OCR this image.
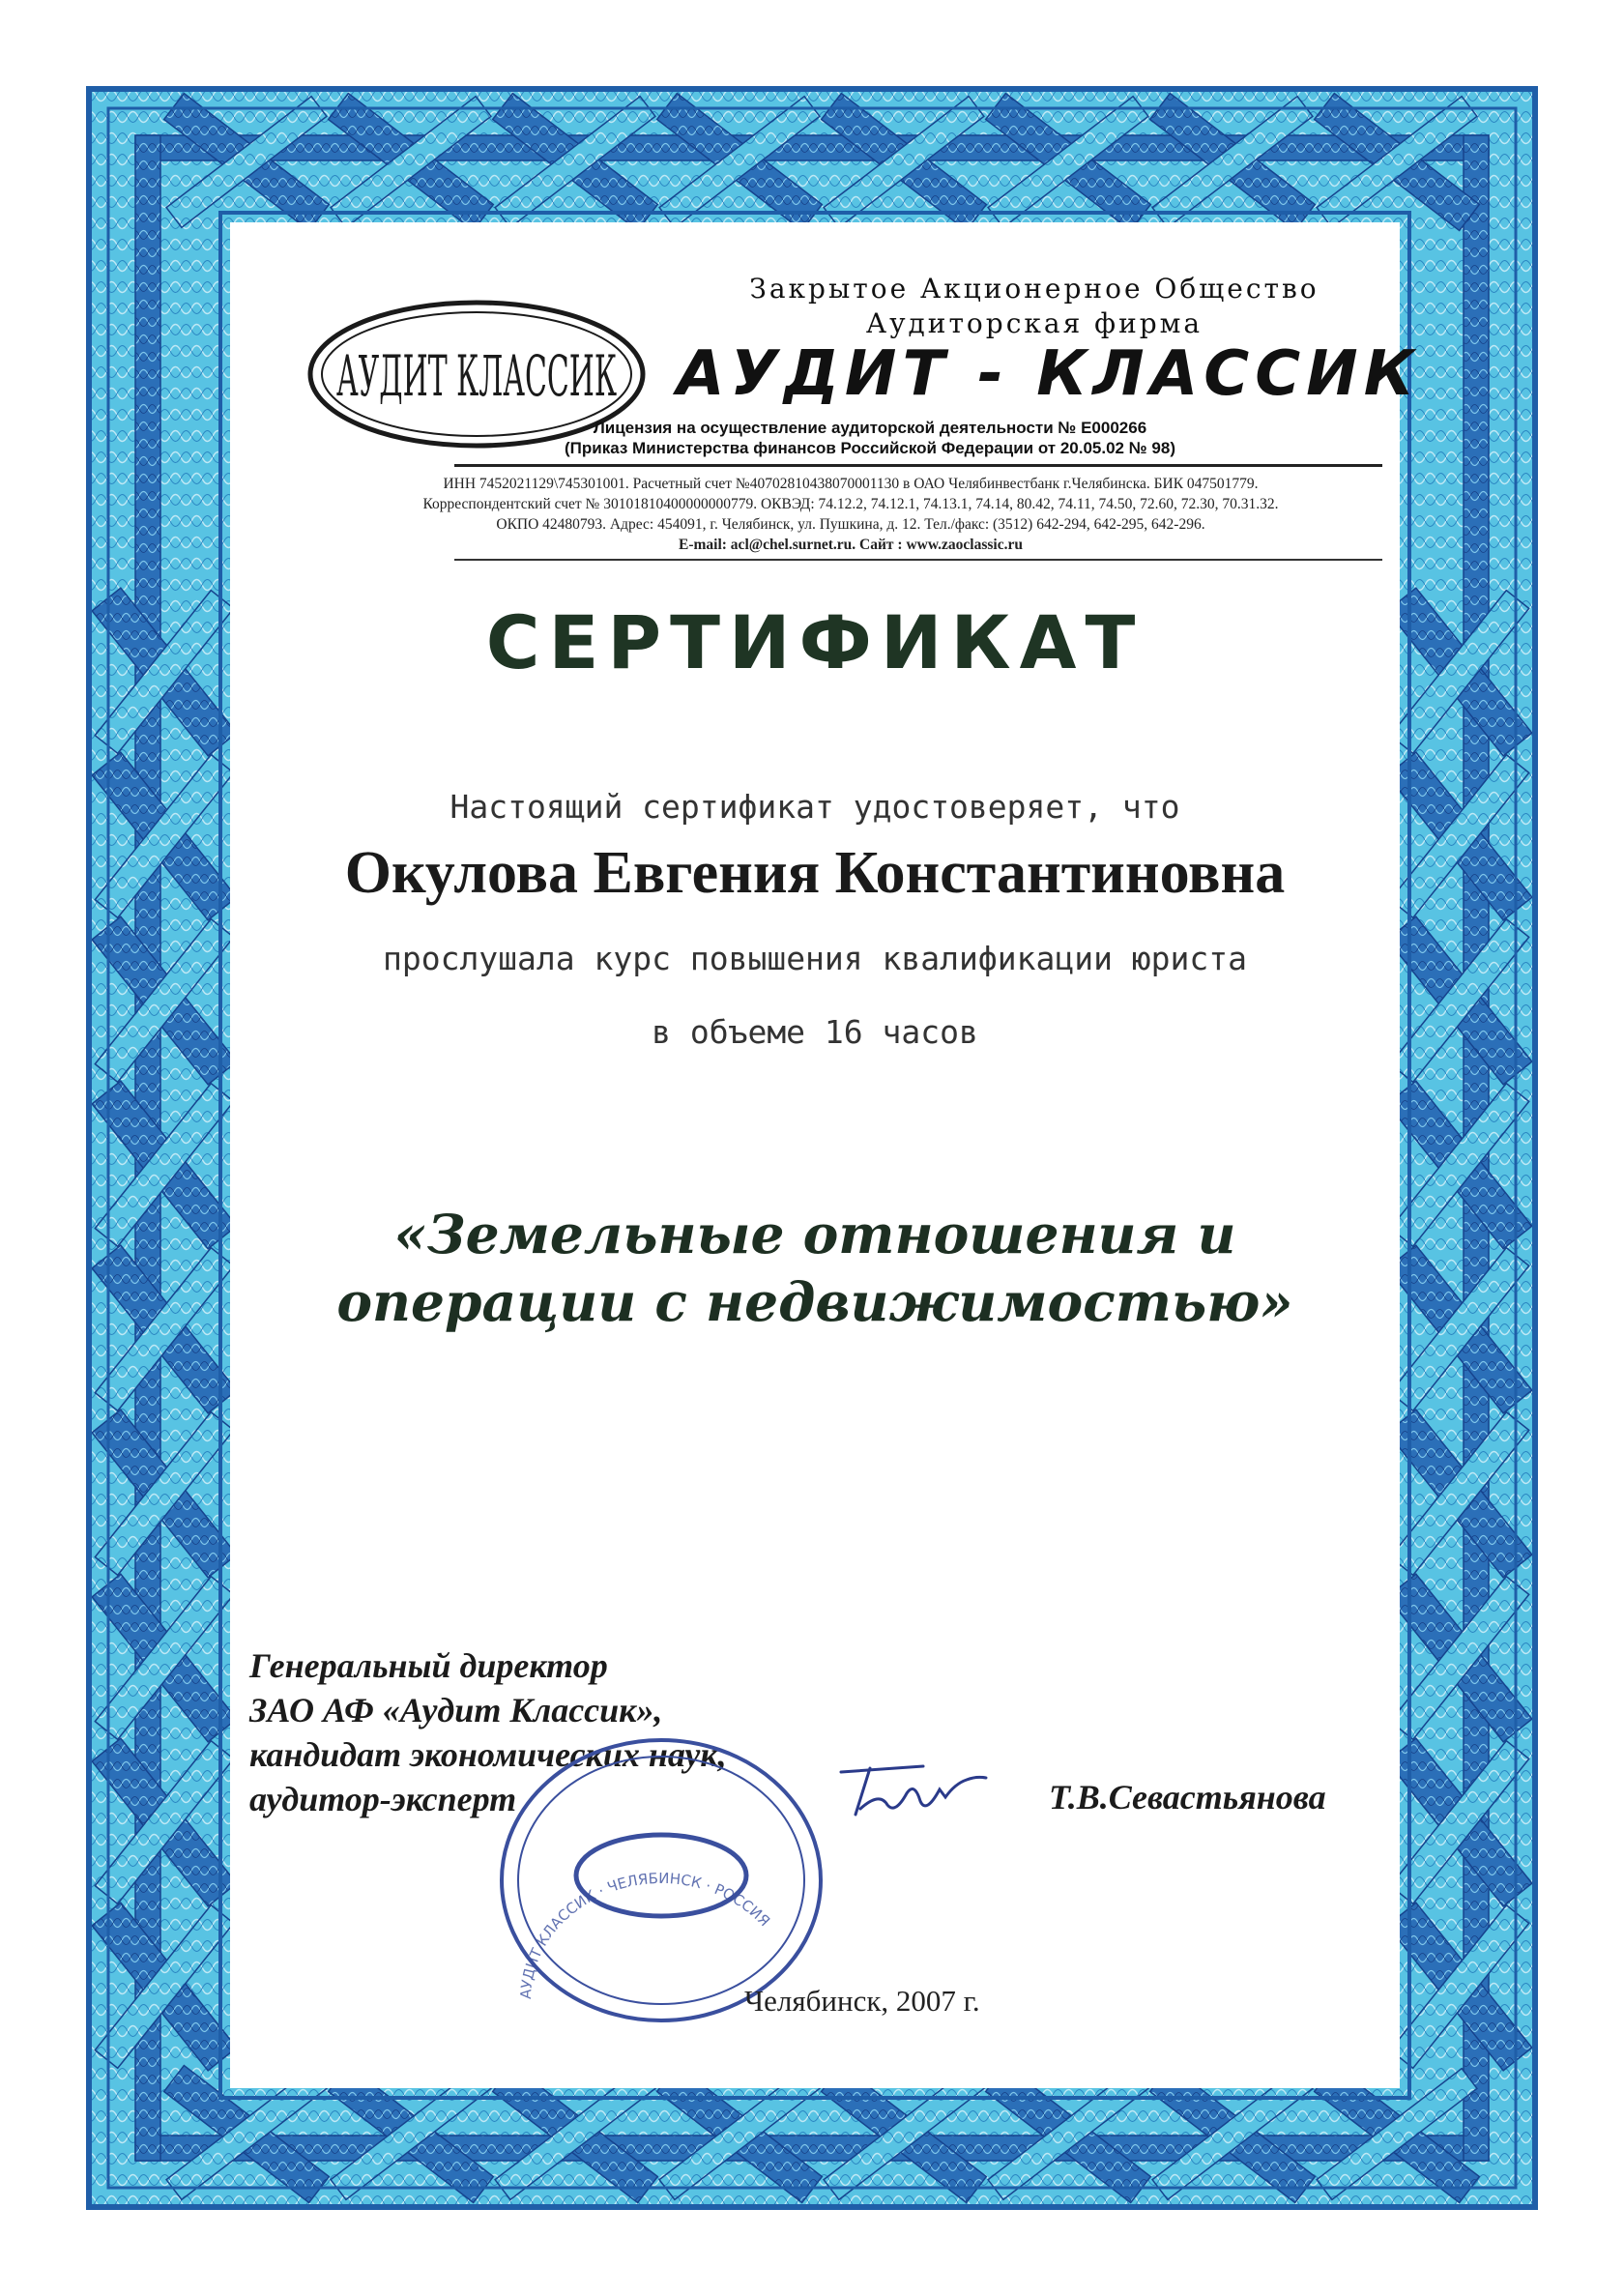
АУДИТ КЛАССИК
Закрытое Акционерное Общество
Аудиторская фирма
АУДИТ - КЛАССИК
Лицензия на осуществление аудиторской деятельности № Е000266
(Приказ Министерства финансов Российской Федерации от 20.05.02 № 98)
ИНН 7452021129\745301001. Расчетный счет №40702810438070001130 в ОАО Челябинвестбанк г.Челябинска. БИК 047501779.
Корреспондентский счет № 30101810400000000779. ОКВЭД: 74.12.2, 74.12.1, 74.13.1, 74.14, 80.42, 74.11, 74.50, 72.60, 72.30, 70.31.32.
ОКПО 42480793. Адрес: 454091, г. Челябинск, ул. Пушкина, д. 12. Тел./факс: (3512) 642-294, 642-295, 642-296.
E-mail: acl@chel.surnet.ru. Сайт : www.zaoclassic.ru
СЕРТИФИКАТ
Настоящий сертификат удостоверяет, что
Окулова Евгения Константиновна
прослушала курс повышения квалификации юриста
в объеме 16 часов
«Земельные отношения и
операции с недвижимостью»
Генеральный директор
ЗАО АФ «Аудит Классик»,
кандидат экономических наук,
аудитор-эксперт
АУДИТ КЛАССИК · ЧЕЛЯБИНСК · РОССИЯ
Т.В.Севастьянова
Челябинск, 2007 г.
